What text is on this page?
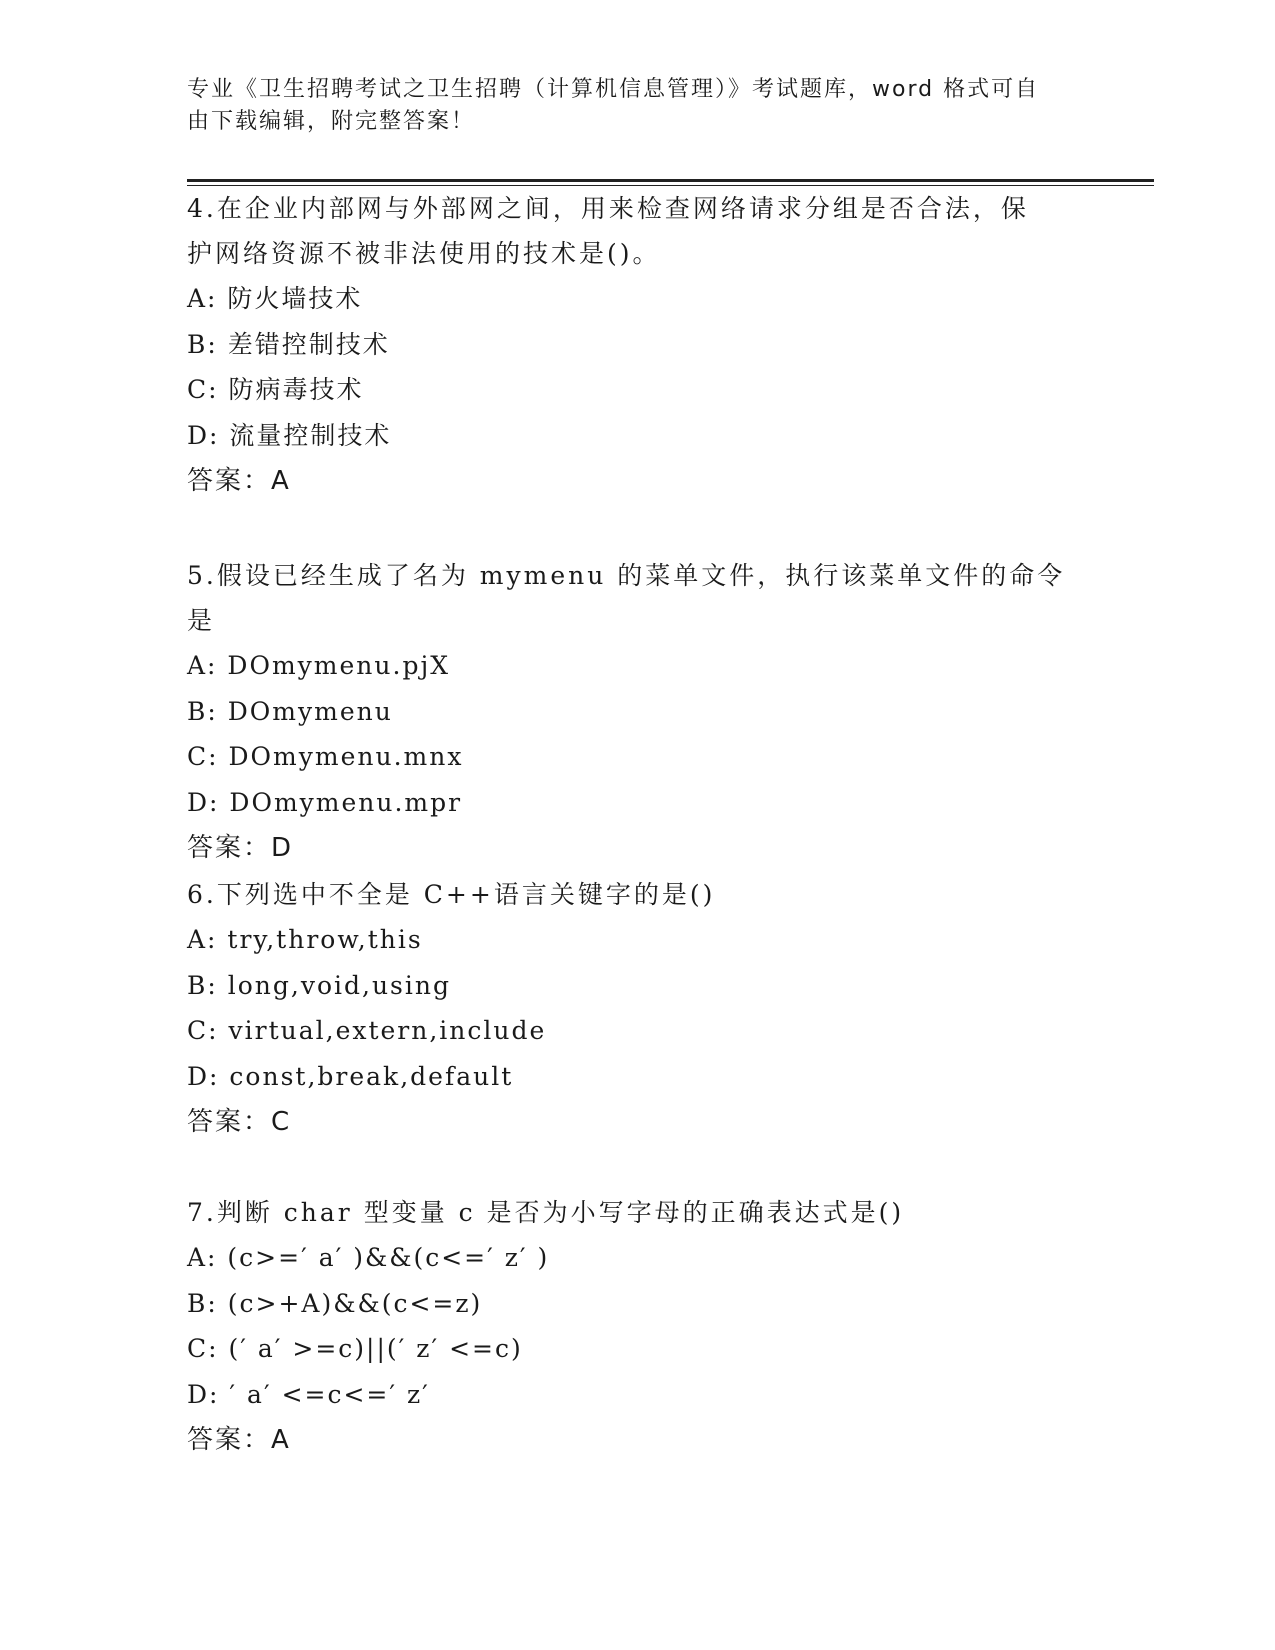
专业《卫生招聘考试之卫生招聘（计算机信息管理）》考试题库，word 格式可自
由下载编辑，附完整答案！
4.在企业内部网与外部网之间，用来检查网络请求分组是否合法，保
护网络资源不被非法使用的技术是()。
A: 防火墙技术
B: 差错控制技术
C: 防病毒技术
D: 流量控制技术
答案：A
5.假设已经生成了名为 mymenu 的菜单文件，执行该菜单文件的命令是
A: DOmymenu.pjX
B: DOmymenu
C: DOmymenu.mnx
D: DOmymenu.mpr
答案：D
6.下列选中不全是 C++语言关键字的是()
A: try,throw,this
B: long,void,using
C: virtual,extern,include
D: const,break,default
答案：C
7.判断 char 型变量 c 是否为小写字母的正确表达式是()
A: (c>=′ a′ )&&(c<=′ z′ )
B: (c>+A)&&(c<=z)
C: (′ a′ >=c)||(′ z′ <=c)
D: ′ a′ <=c<=′ z′
答案：A
